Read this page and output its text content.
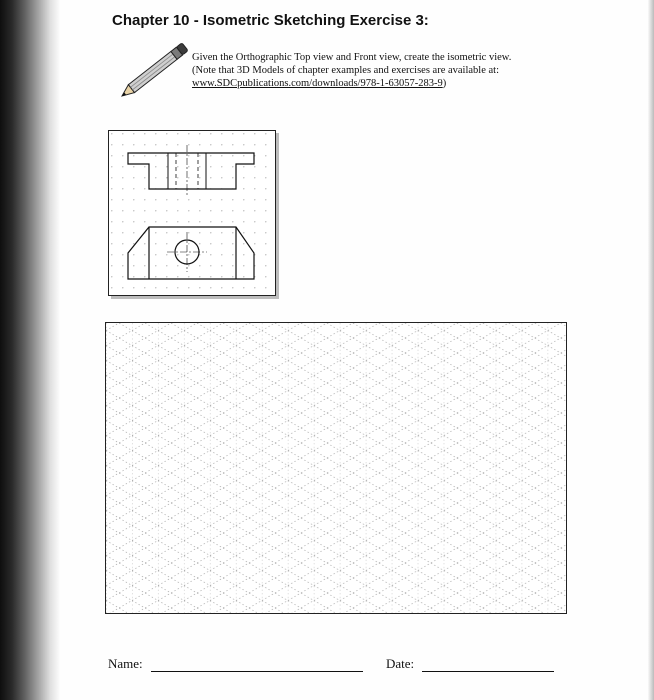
Chapter 10 - Isometric Sketching Exercise 3:

Given the Orthographic Top view and Front view, create the isometric view.

(Note that 3D Models of chapter examples and exercises are available at:

www.SDCpublications.com/downloads/978-1-63057-283-9)

Name:	Date:
